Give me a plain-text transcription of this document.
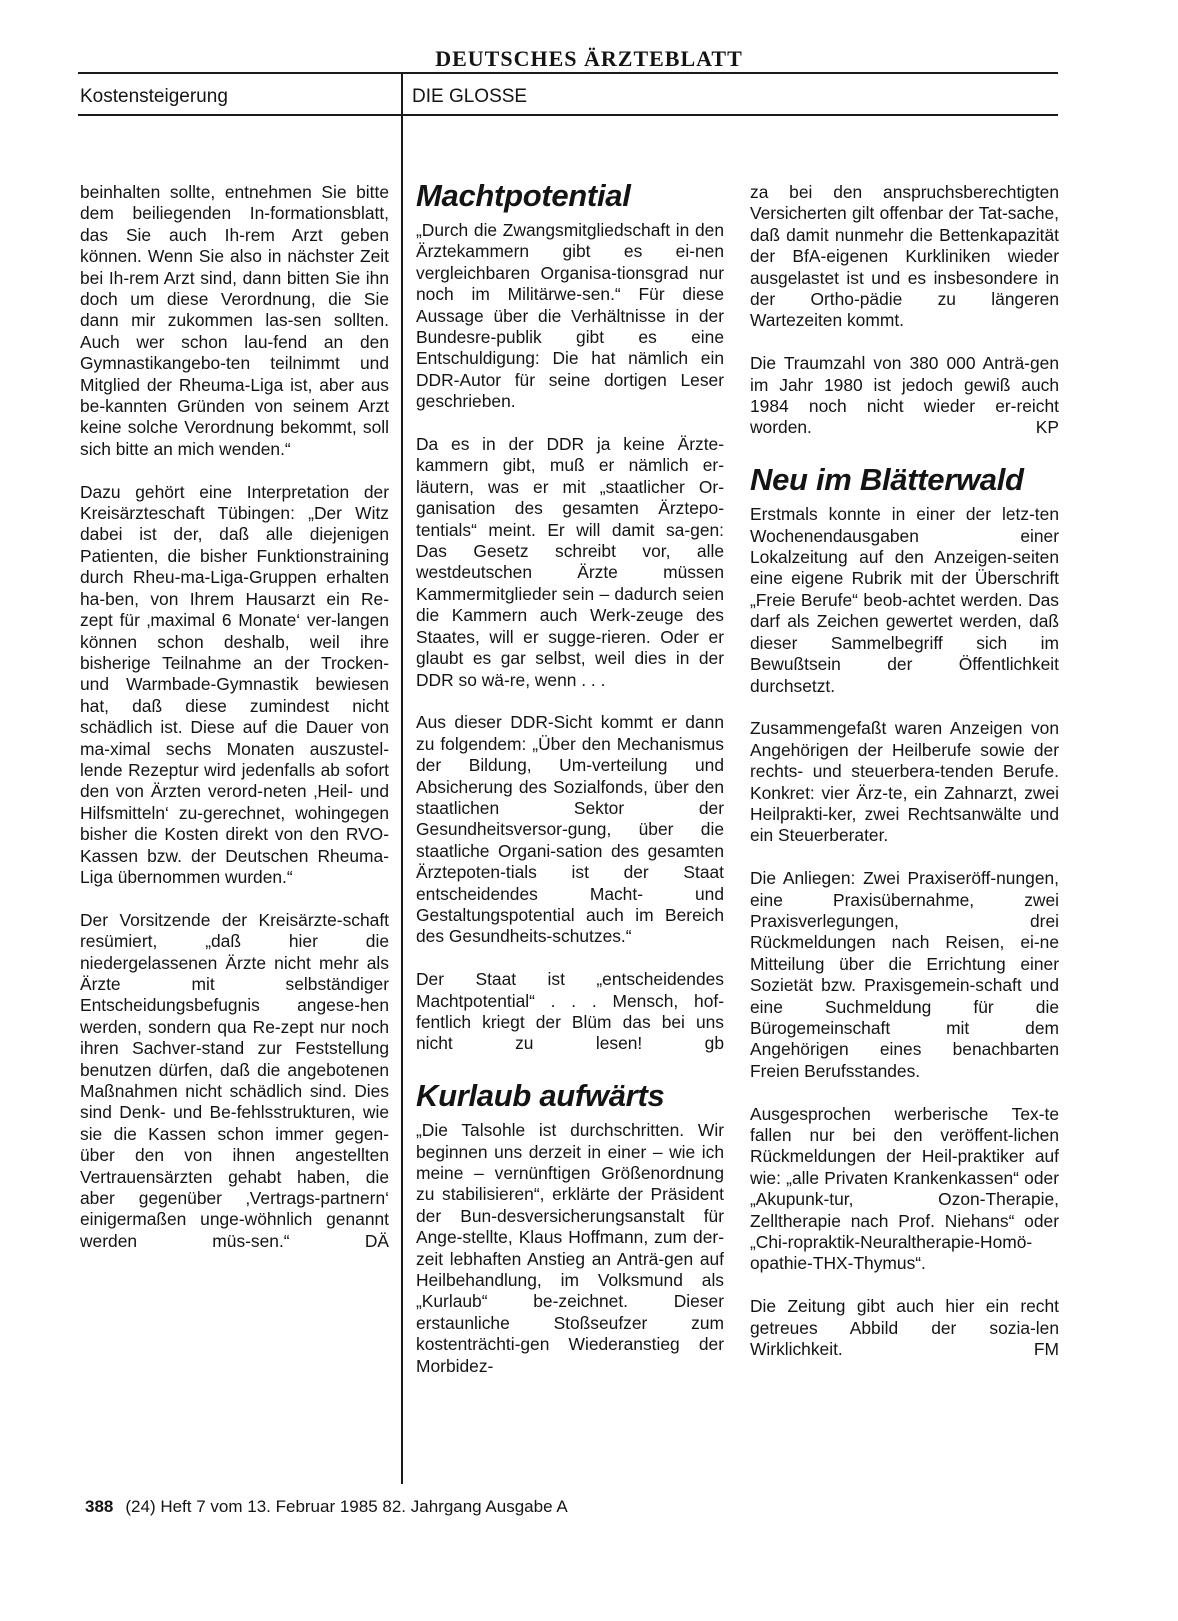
DEUTSCHES ÄRZTEBLATT
Kostensteigerung	DIE GLOSSE

beinhalten sollte, entnehmen Sie bitte dem beiliegenden In-formationsblatt, das Sie auch Ih-rem Arzt geben können. Wenn Sie also in nächster Zeit bei Ih-rem Arzt sind, dann bitten Sie ihn doch um diese Verordnung, die Sie dann mir zukommen las-sen sollten. Auch wer schon lau-fend an den Gymnastikangebo-ten teilnimmt und Mitglied der Rheuma-Liga ist, aber aus be-kannten Gründen von seinem Arzt keine solche Verordnung bekommt, soll sich bitte an mich wenden.“

Dazu gehört eine Interpretation der Kreisärzteschaft Tübingen: „Der Witz dabei ist der, daß alle diejenigen Patienten, die bisher Funktionstraining durch Rheu-ma-Liga-Gruppen erhalten ha-ben, von Ihrem Hausarzt ein Re-zept für ‚maximal 6 Monate‘ ver-langen können schon deshalb, weil ihre bisherige Teilnahme an der Trocken- und Warmbade-Gymnastik bewiesen hat, daß diese zumindest nicht schädlich ist. Diese auf die Dauer von ma-ximal sechs Monaten auszustel-lende Rezeptur wird jedenfalls ab sofort den von Ärzten verord-neten ‚Heil- und Hilfsmitteln‘ zu-gerechnet, wohingegen bisher die Kosten direkt von den RVO-Kassen bzw. der Deutschen Rheuma-Liga übernommen wurden.“

Der Vorsitzende der Kreisärzte-schaft resümiert, „daß hier die niedergelassenen Ärzte nicht mehr als Ärzte mit selbständiger Entscheidungsbefugnis angese-hen werden, sondern qua Re-zept nur noch ihren Sachver-stand zur Feststellung benutzen dürfen, daß die angebotenen Maßnahmen nicht schädlich sind. Dies sind Denk- und Be-fehlsstrukturen, wie sie die Kassen schon immer gegen-über den von ihnen angestellten Vertrauensärzten gehabt haben, die aber gegenüber ‚Vertrags-partnern‘ einigermaßen unge-wöhnlich genannt werden müs-sen.“ DÄ

Machtpotential

„Durch die Zwangsmitgliedschaft in den Ärztekammern gibt es ei-nen vergleichbaren Organisa-tionsgrad nur noch im Militärwe-sen.“ Für diese Aussage über die Verhältnisse in der Bundesre-publik gibt es eine Entschuldigung: Die hat nämlich ein DDR-Autor für seine dortigen Leser geschrieben.

Da es in der DDR ja keine Ärzte-kammern gibt, muß er nämlich er-läutern, was er mit „staatlicher Or-ganisation des gesamten Ärztepo-tentials“ meint. Er will damit sa-gen: Das Gesetz schreibt vor, alle westdeutschen Ärzte müssen Kammermitglieder sein – dadurch seien die Kammern auch Werk-zeuge des Staates, will er sugge-rieren. Oder er glaubt es gar selbst, weil dies in der DDR so wä-re, wenn . . .

Aus dieser DDR-Sicht kommt er dann zu folgendem: „Über den Mechanismus der Bildung, Um-verteilung und Absicherung des Sozialfonds, über den staatlichen Sektor der Gesundheitsversor-gung, über die staatliche Organi-sation des gesamten Ärztepoten-tials ist der Staat entscheidendes Macht- und Gestaltungspotential auch im Bereich des Gesundheits-schutzes.“

Der Staat ist „entscheidendes Machtpotential“ . . . Mensch, hof-fentlich kriegt der Blüm das bei uns nicht zu lesen! gb

Kurlaub aufwärts

„Die Talsohle ist durchschritten. Wir beginnen uns derzeit in einer – wie ich meine – vernünftigen Größenordnung zu stabilisieren“, erklärte der Präsident der Bun-desversicherungsanstalt für Ange-stellte, Klaus Hoffmann, zum der-zeit lebhaften Anstieg an Anträ-gen auf Heilbehandlung, im Volksmund als „Kurlaub“ be-zeichnet. Dieser erstaunliche Stoßseufzer zum kostenträchti-gen Wiederanstieg der Morbidez-

za bei den anspruchsberechtigten Versicherten gilt offenbar der Tat-sache, daß damit nunmehr die Bettenkapazität der BfA-eigenen Kurkliniken wieder ausgelastet ist und es insbesondere in der Ortho-pädie zu längeren Wartezeiten kommt.

Die Traumzahl von 380 000 Anträ-gen im Jahr 1980 ist jedoch gewiß auch 1984 noch nicht wieder er-reicht worden. KP

Neu im Blätterwald

Erstmals konnte in einer der letz-ten Wochenendausgaben einer Lokalzeitung auf den Anzeigen-seiten eine eigene Rubrik mit der Überschrift „Freie Berufe“ beob-achtet werden. Das darf als Zeichen gewertet werden, daß dieser Sammelbegriff sich im Bewußtsein der Öffentlichkeit durchsetzt.

Zusammengefaßt waren Anzeigen von Angehörigen der Heilberufe sowie der rechts- und steuerbera-tenden Berufe. Konkret: vier Ärz-te, ein Zahnarzt, zwei Heilprakti-ker, zwei Rechtsanwälte und ein Steuerberater.

Die Anliegen: Zwei Praxiseröff-nungen, eine Praxisübernahme, zwei Praxisverlegungen, drei Rückmeldungen nach Reisen, ei-ne Mitteilung über die Errichtung einer Sozietät bzw. Praxisgemein-schaft und eine Suchmeldung für die Bürogemeinschaft mit dem Angehörigen eines benachbarten Freien Berufsstandes.

Ausgesprochen werberische Tex-te fallen nur bei den veröffent-lichen Rückmeldungen der Heil-praktiker auf wie: „alle Privaten Krankenkassen“ oder „Akupunk-tur, Ozon-Therapie, Zelltherapie nach Prof. Niehans“ oder „Chi-ropraktik-Neuraltherapie-Homö-opathie-THX-Thymus“.

Die Zeitung gibt auch hier ein recht getreues Abbild der sozia-len Wirklichkeit. FM

388 (24) Heft 7 vom 13. Februar 1985 82. Jahrgang Ausgabe A
